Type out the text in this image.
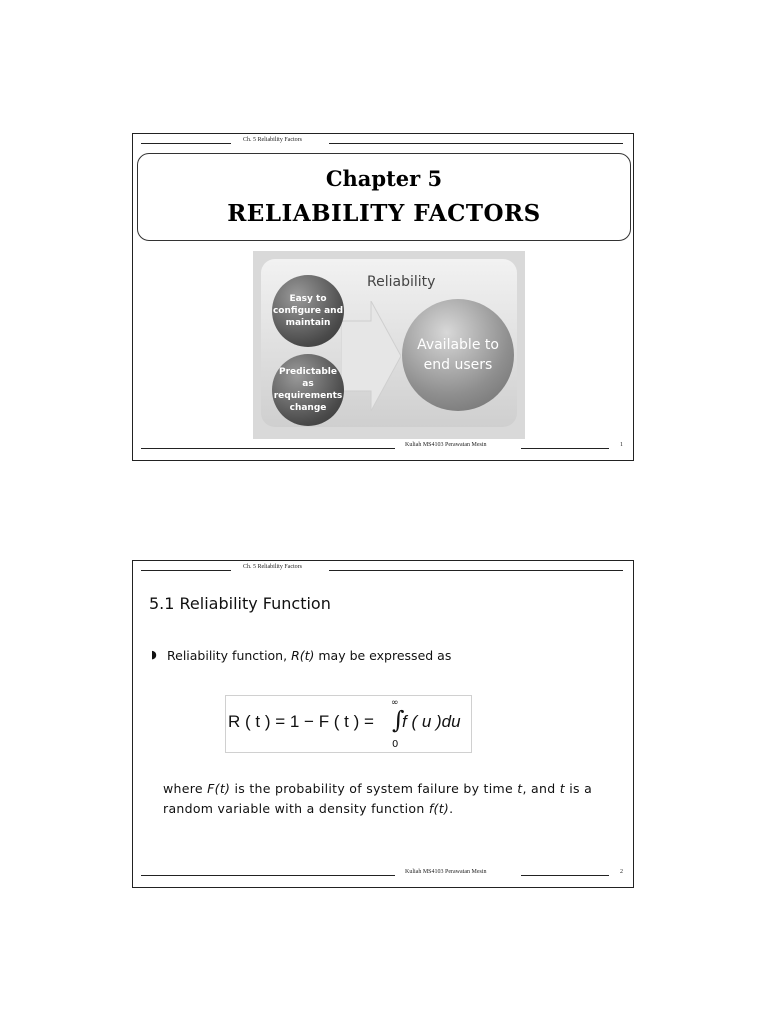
Ch. 5 Reliability Factors
Chapter 5
RELIABILITY FACTORS
Reliability
Easy to configure and maintain
Predictable as requirements change
Available to end users
Kuliah MS4103 Perawatan Mesin	1
Ch. 5 Reliability Factors
5.1 Reliability Function
◗ Reliability function, R(t) may be expressed as
R ( t ) = 1 − F ( t ) =
∞
∫
0
f ( u )du
where F(t) is the probability of system failure by time t, and t is a random variable with a density function f(t).
Kuliah MS4103 Perawatan Mesin	2
